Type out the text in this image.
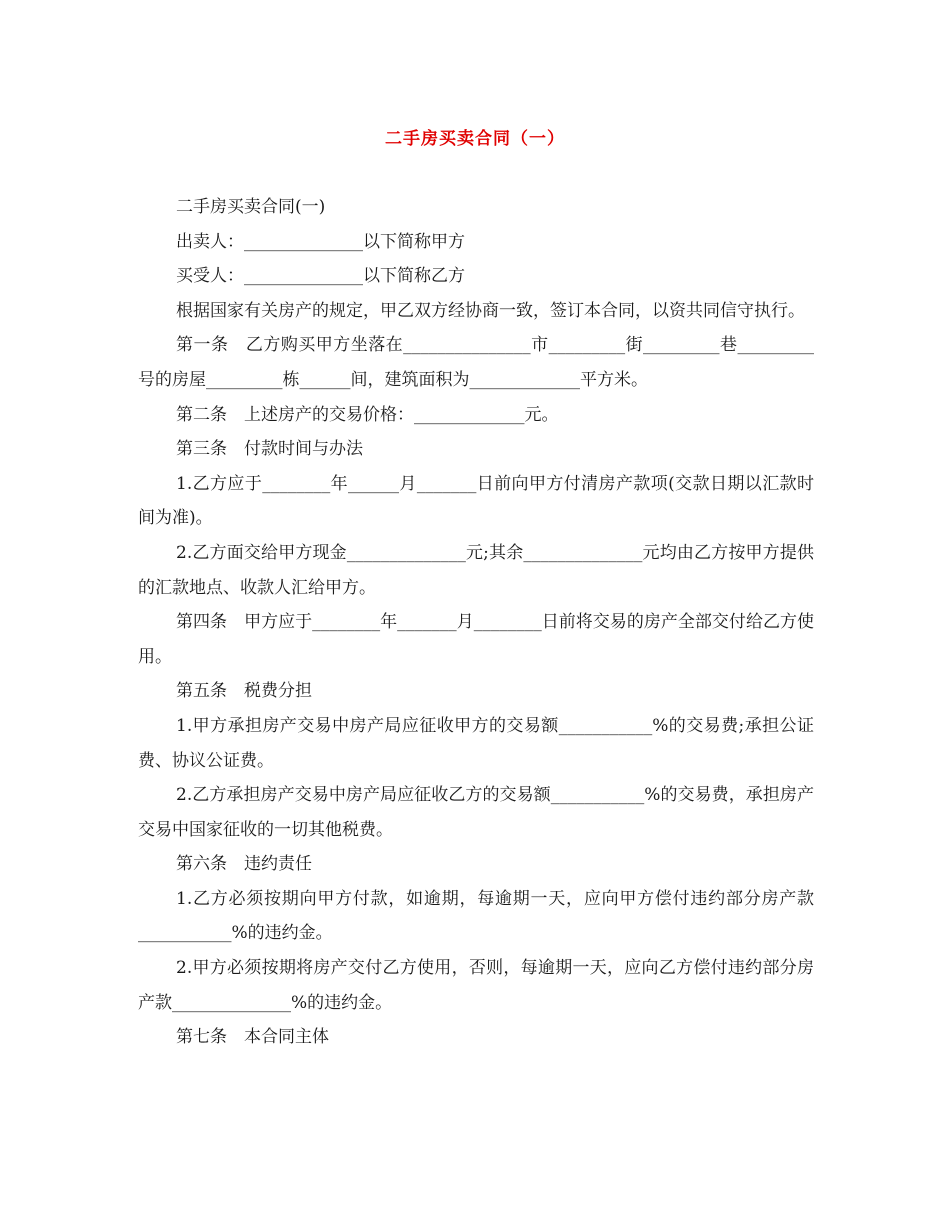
二手房买卖合同（一）

二手房买卖合同(一)

出卖人：______________以下简称甲方

买受人：______________以下简称乙方

根据国家有关房产的规定，甲乙双方经协商一致，签订本合同，以资共同信守执行。

第一条　乙方购买甲方坐落在_______________市_________街_________巷_________号的房屋_________栋______间，建筑面积为_____________平方米。

第二条　上述房产的交易价格：_____________元。

第三条　付款时间与办法

1.乙方应于________年______月_______日前向甲方付清房产款项(交款日期以汇款时间为准)。

2.乙方面交给甲方现金______________元;其余______________元均由乙方按甲方提供的汇款地点、收款人汇给甲方。

第四条　甲方应于________年_______月________日前将交易的房产全部交付给乙方使用。

第五条　税费分担

1.甲方承担房产交易中房产局应征收甲方的交易额___________%的交易费;承担公证费、协议公证费。

2.乙方承担房产交易中房产局应征收乙方的交易额___________%的交易费，承担房产交易中国家征收的一切其他税费。

第六条　违约责任

1.乙方必须按期向甲方付款，如逾期，每逾期一天，应向甲方偿付违约部分房产款___________%的违约金。

2.甲方必须按期将房产交付乙方使用，否则，每逾期一天，应向乙方偿付违约部分房产款______________%的违约金。

第七条　本合同主体
